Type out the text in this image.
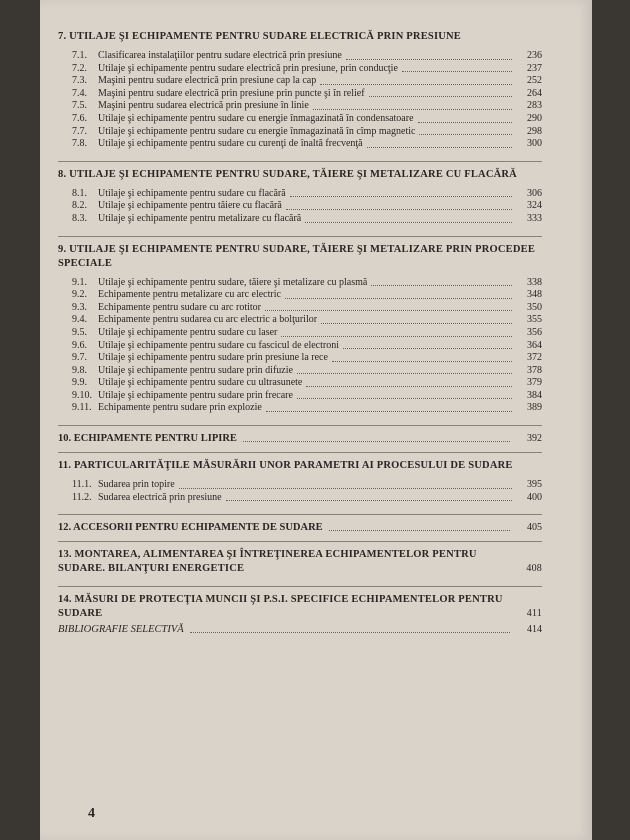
7. UTILAJE ŞI ECHIPAMENTE PENTRU SUDARE ELECTRICĂ PRIN PRESIUNE
7.1.	Clasificarea instalaţiilor pentru sudare electrică prin presiune	236
7.2.	Utilaje şi echipamente pentru sudare electrică prin presiune, prin conducţie	237
7.3.	Maşini pentru sudare electrică prin presiune cap la cap	252
7.4.	Maşini pentru sudare electrică prin presiune prin puncte şi în relief	264
7.5.	Maşini pentru sudarea electrică prin presiune în linie	283
7.6.	Utilaje şi echipamente pentru sudare cu energie înmagazinată în condensatoare	290
7.7.	Utilaje şi echipamente pentru sudare cu energie înmagazinată în cîmp magnetic	298
7.8.	Utilaje şi echipamente pentru sudare cu curenţi de înaltă frecvenţă	300
8. UTILAJE ŞI ECHIPAMENTE PENTRU SUDARE, TĂIERE ŞI METALIZARE CU FLACĂRĂ
8.1.	Utilaje şi echipamente pentru sudare cu flacără	306
8.2.	Utilaje şi echipamente pentru tăiere cu flacără	324
8.3.	Utilaje şi echipamente pentru metalizare cu flacără	333
9. UTILAJE ŞI ECHIPAMENTE PENTRU SUDARE, TĂIERE ŞI METALIZARE PRIN PROCEDEE SPECIALE
9.1.	Utilaje şi echipamente pentru sudare, tăiere şi metalizare cu plasmă	338
9.2.	Echipamente pentru metalizare cu arc electric	348
9.3.	Echipamente pentru sudare cu arc rotitor	350
9.4.	Echipamente pentru sudarea cu arc electric a bolţurilor	355
9.5.	Utilaje şi echipamente pentru sudare cu laser	356
9.6.	Utilaje şi echipamente pentru sudare cu fascicul de electroni	364
9.7.	Utilaje şi echipamente pentru sudare prin presiune la rece	372
9.8.	Utilaje şi echipamente pentru sudare prin difuzie	378
9.9.	Utilaje şi echipamente pentru sudare cu ultrasunete	379
9.10. Utilaje şi echipamente pentru sudare prin frecare	384
9.11. Echipamente pentru sudare prin explozie	389
10. ECHIPAMENTE PENTRU LIPIRE	392
11. PARTICULARITĂŢILE MĂSURĂRII UNOR PARAMETRI AI PROCESULUI DE SUDARE
11.1. Sudarea prin topire	395
11.2. Sudarea electrică prin presiune	400
12. ACCESORII PENTRU ECHIPAMENTE DE SUDARE	405
13. MONTAREA, ALIMENTAREA ŞI ÎNTREŢINEREA ECHIPAMENTELOR PENTRU SUDARE. BILANŢURI ENERGETICE	408
14. MĂSURI DE PROTECŢIA MUNCII ŞI P.S.I. SPECIFICE ECHIPAMENTELOR PENTRU SUDARE	411
BIBLIOGRAFIE SELECTIVĂ	414
4
